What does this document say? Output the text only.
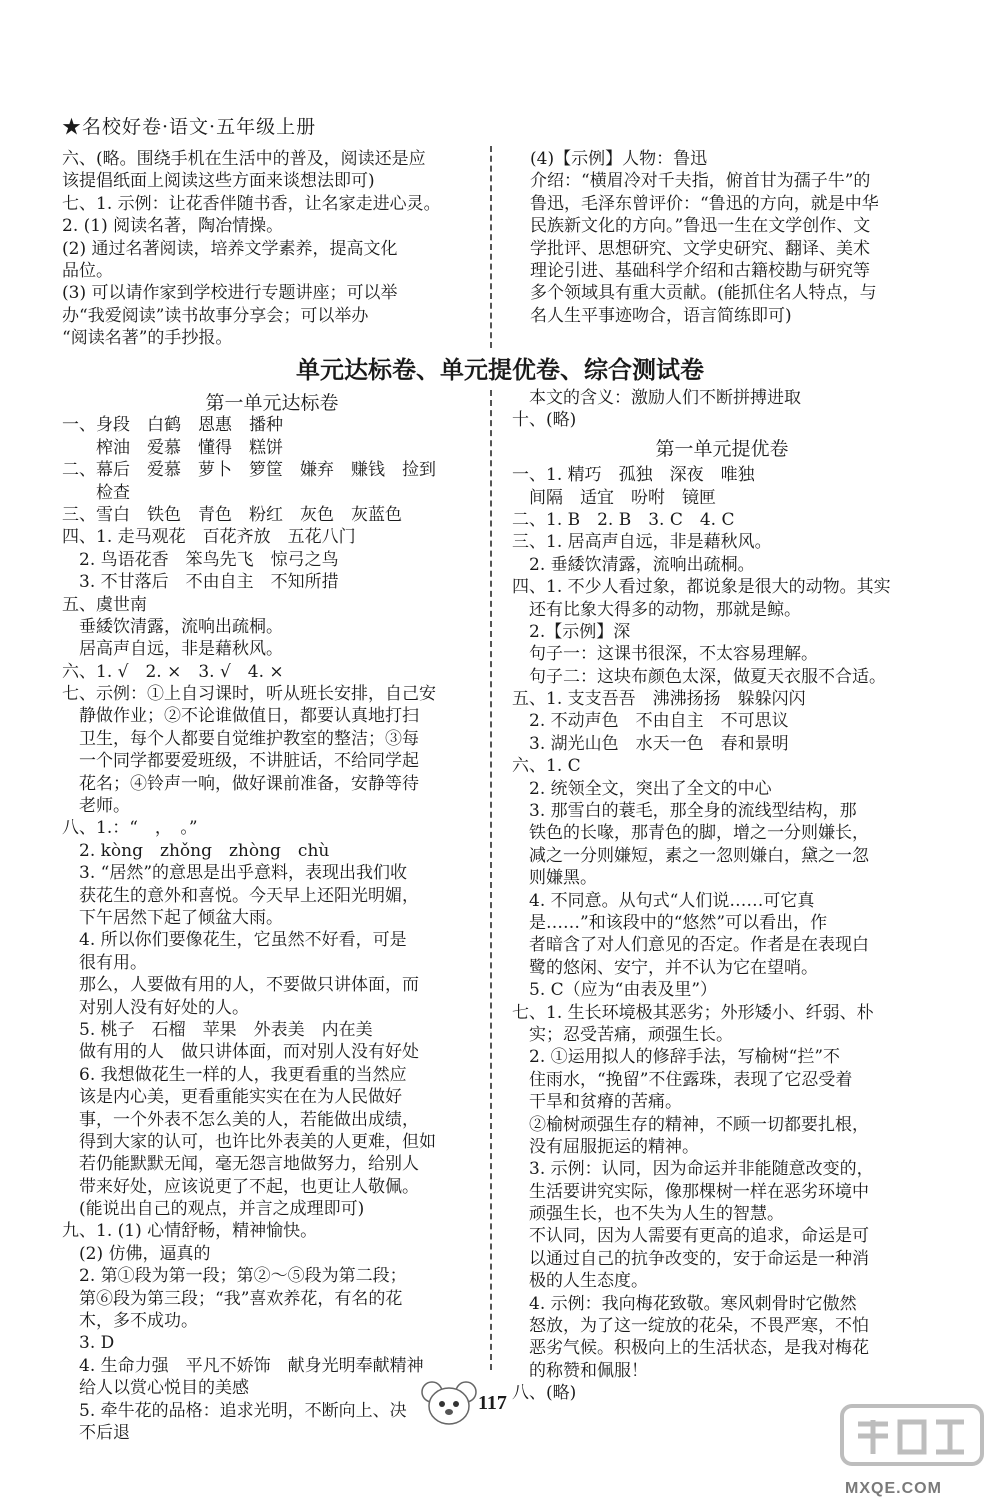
★名校好卷·语文·五年级上册
六、(略。围绕手机在生活中的普及，阅读还是应
该提倡纸面上阅读这些方面来谈想法即可)
七、1. 示例：让花香伴随书香，让名家走进心灵。
2. (1) 阅读名著，陶冶情操。
(2) 通过名著阅读，培养文学素养，提高文化
品位。
(3) 可以请作家到学校进行专题讲座；可以举
办“我爱阅读”读书故事分享会；可以举办
“阅读名著”的手抄报。
(4)【示例】人物：鲁迅
介绍：“横眉冷对千夫指，俯首甘为孺子牛”的
鲁迅，毛泽东曾评价：“鲁迅的方向，就是中华
民族新文化的方向。”鲁迅一生在文学创作、文
学批评、思想研究、文学史研究、翻译、美术
理论引进、基础科学介绍和古籍校勘与研究等
多个领域具有重大贡献。(能抓住名人特点，与
名人生平事迹吻合，语言简练即可)
单元达标卷、单元提优卷、综合测试卷
第一单元达标卷
一、身段　白鹤　恩惠　播种
　　榨油　爱慕　懂得　糕饼
二、幕后　爱慕　萝卜　箩筐　嫌弃　赚钱　捡到
　　检查
三、雪白　铁色　青色　粉红　灰色　灰蓝色
四、1. 走马观花　百花齐放　五花八门
　2. 鸟语花香　笨鸟先飞　惊弓之鸟
　3. 不甘落后　不由自主　不知所措
五、虞世南
　垂緌饮清露，流响出疏桐。
　居高声自远，非是藉秋风。
六、1. √　2. ×　3. √　4. ×
七、示例：①上自习课时，听从班长安排，自己安
　静做作业；②不论谁做值日，都要认真地打扫
　卫生，每个人都要自觉维护教室的整洁；③每
　一个同学都要爱班级，不讲脏话，不给同学起
　花名；④铃声一响，做好课前准备，安静等待
　老师。
八、1.：“　，　。”
　2. kòng　zhǒng　zhòng　chù
　3. “居然”的意思是出乎意料，表现出我们收
　获花生的意外和喜悦。今天早上还阳光明媚，
　下午居然下起了倾盆大雨。
　4. 所以你们要像花生，它虽然不好看，可是
　很有用。
　那么，人要做有用的人，不要做只讲体面，而
　对别人没有好处的人。
　5. 桃子　石榴　苹果　外表美　内在美
　做有用的人　做只讲体面，而对别人没有好处
　6. 我想做花生一样的人，我更看重的当然应
　该是内心美，更看重能实实在在为人民做好
　事，一个外表不怎么美的人，若能做出成绩，
　得到大家的认可，也许比外表美的人更难，但如
　若仍能默默无闻，毫无怨言地做努力，给别人
　带来好处，应该说更了不起，也更让人敬佩。
　(能说出自己的观点，并言之成理即可)
九、1. (1) 心情舒畅，精神愉快。
　(2) 仿佛，逼真的
　2. 第①段为第一段；第②～⑤段为第二段；
　第⑥段为第三段；“我”喜欢养花，有名的花
　木，多不成功。
　3. D
　4. 生命力强　平凡不娇饰　献身光明奉献精神
　给人以赏心悦目的美感
　5. 牵牛花的品格：追求光明，不断向上、决
　不后退
　本文的含义：激励人们不断拼搏进取
十、(略)
第一单元提优卷
一、1. 精巧　孤独　深夜　唯独
　间隔　适宜　吩咐　镜匣
二、1. B　2. B　3. C　4. C
三、1. 居高声自远，非是藉秋风。
　2. 垂緌饮清露，流响出疏桐。
四、1. 不少人看过象，都说象是很大的动物。其实
　还有比象大得多的动物，那就是鲸。
　2.【示例】深
　句子一：这课书很深，不太容易理解。
　句子二：这块布颜色太深，做夏天衣服不合适。
五、1. 支支吾吾　沸沸扬扬　躲躲闪闪
　2. 不动声色　不由自主　不可思议
　3. 湖光山色　水天一色　春和景明
六、1. C
　2. 统领全文，突出了全文的中心
　3. 那雪白的蓑毛，那全身的流线型结构，那
　铁色的长喙，那青色的脚，增之一分则嫌长，
　减之一分则嫌短，素之一忽则嫌白，黛之一忽
　则嫌黑。
　4. 不同意。从句式“人们说……可它真
　是……”和该段中的“悠然”可以看出，作
　者暗含了对人们意见的否定。作者是在表现白
　鹭的悠闲、安宁，并不认为它在望哨。
　5. C（应为“由表及里”）
七、1. 生长环境极其恶劣；外形矮小、纤弱、朴
　实；忍受苦痛，顽强生长。
　2. ①运用拟人的修辞手法，写榆树“拦”不
　住雨水，“挽留”不住露珠，表现了它忍受着
　干旱和贫瘠的苦痛。
　②榆树顽强生存的精神，不顾一切都要扎根，
　没有屈服扼运的精神。
　3. 示例：认同，因为命运并非能随意改变的，
　生活要讲究实际，像那棵树一样在恶劣环境中
　顽强生长，也不失为人生的智慧。
　不认同，因为人需要有更高的追求，命运是可
　以通过自己的抗争改变的，安于命运是一种消
　极的人生态度。
　4. 示例：我向梅花致敬。寒风刺骨时它傲然
　怒放，为了这一绽放的花朵，不畏严寒，不怕
　恶劣气候。积极向上的生活状态，是我对梅花
　的称赞和佩服！
八、(略)
117
MXQE.COM
